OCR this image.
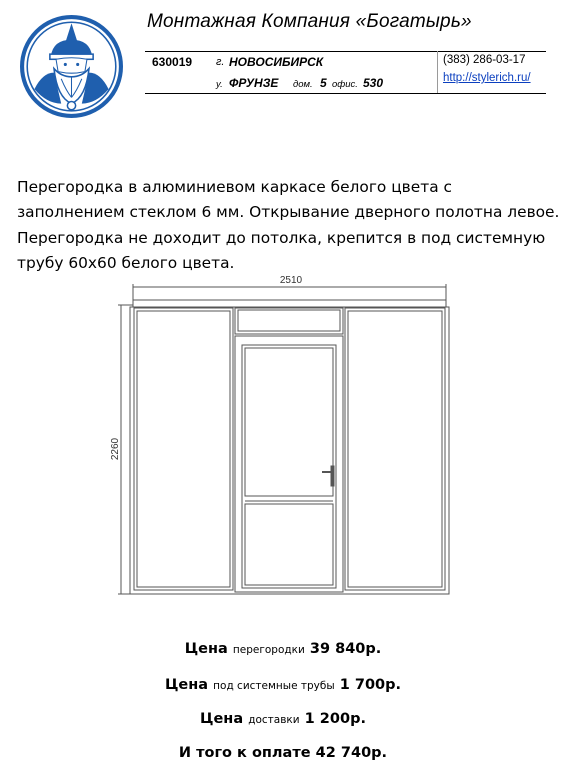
Монтажная Компания «Богатырь»
630019 г. НОВОСИБИРСК
у. ФРУНЗЕ дом. 5 офис. 530
(383) 286-03-17
http://stylerich.ru/
Перегородка в алюминиевом каркасе белого цвета с
заполнением стеклом 6 мм. Открывание дверного полотна левое.
Перегородка не доходит до потолка, крепится в под системную
трубу 60х60 белого цвета.
2510
2260
Цена перегородки 39 840р.
Цена под системные трубы 1 700р.
Цена доставки 1 200р.
И того к оплате 42 740р.
